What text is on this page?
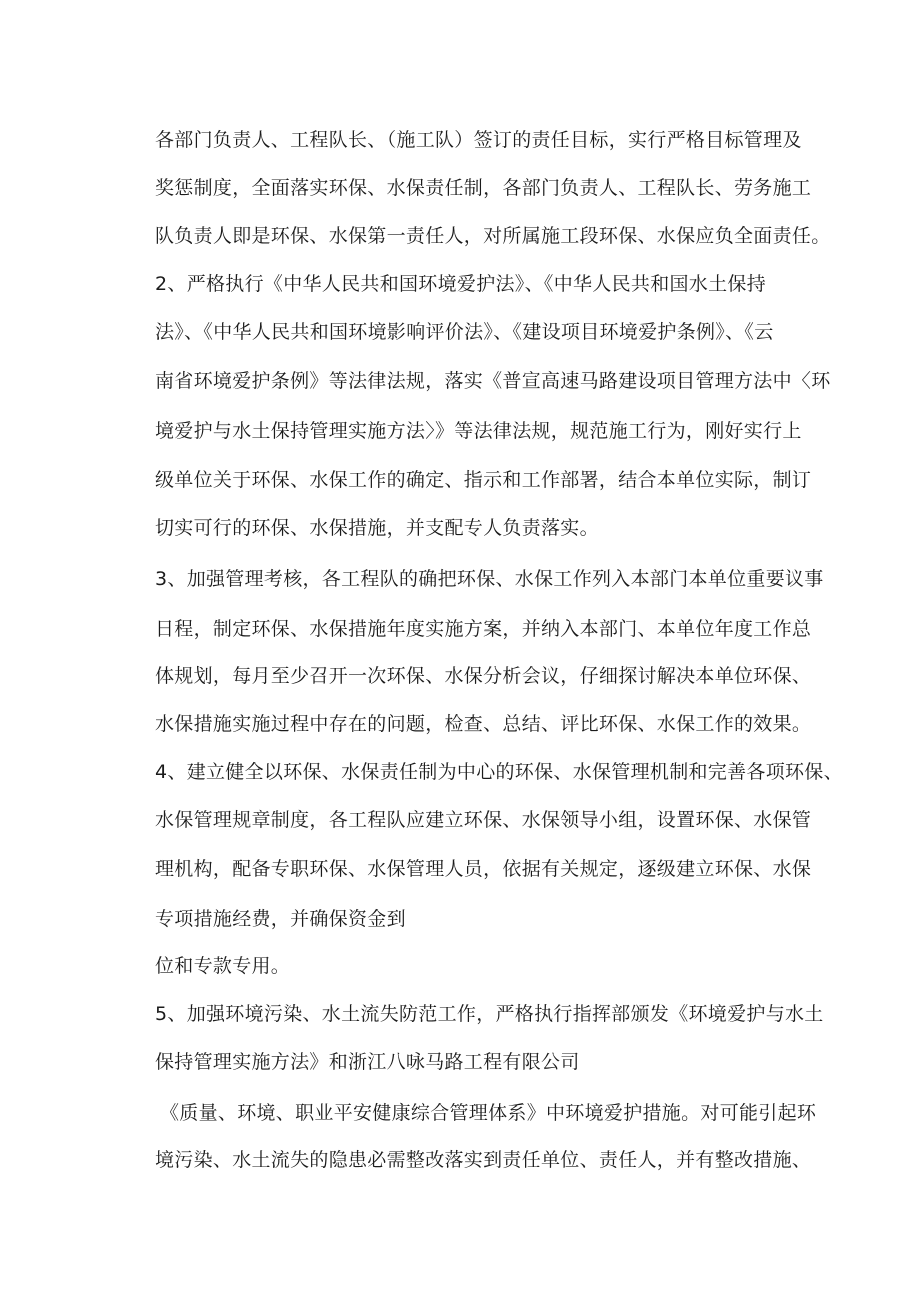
各部门负责人、工程队长、（施工队）签订的责任目标，实行严格目标管理及
奖惩制度，全面落实环保、水保责任制，各部门负责人、工程队长、劳务施工
队负责人即是环保、水保第一责任人，对所属施工段环保、水保应负全面责任。
2、严格执行《中华人民共和国环境爱护法》、《中华人民共和国水土保持
法》、《中华人民共和国环境影响评价法》、《建设项目环境爱护条例》、《云
南省环境爱护条例》等法律法规，落实《普宣高速马路建设项目管理方法中〈环
境爱护与水土保持管理实施方法〉》等法律法规，规范施工行为，刚好实行上
级单位关于环保、水保工作的确定、指示和工作部署，结合本单位实际，制订
切实可行的环保、水保措施，并支配专人负责落实。
3、加强管理考核，各工程队的确把环保、水保工作列入本部门本单位重要议事
日程，制定环保、水保措施年度实施方案，并纳入本部门、本单位年度工作总
体规划，每月至少召开一次环保、水保分析会议，仔细探讨解决本单位环保、
水保措施实施过程中存在的问题，检查、总结、评比环保、水保工作的效果。
4、建立健全以环保、水保责任制为中心的环保、水保管理机制和完善各项环保、
水保管理规章制度，各工程队应建立环保、水保领导小组，设置环保、水保管
理机构，配备专职环保、水保管理人员，依据有关规定，逐级建立环保、水保
专项措施经费，并确保资金到
位和专款专用。
5、加强环境污染、水土流失防范工作，严格执行指挥部颁发《环境爱护与水土
保持管理实施方法》和浙江八咏马路工程有限公司
《质量、环境、职业平安健康综合管理体系》中环境爱护措施。对可能引起环
境污染、水土流失的隐患必需整改落实到责任单位、责任人，并有整改措施、
